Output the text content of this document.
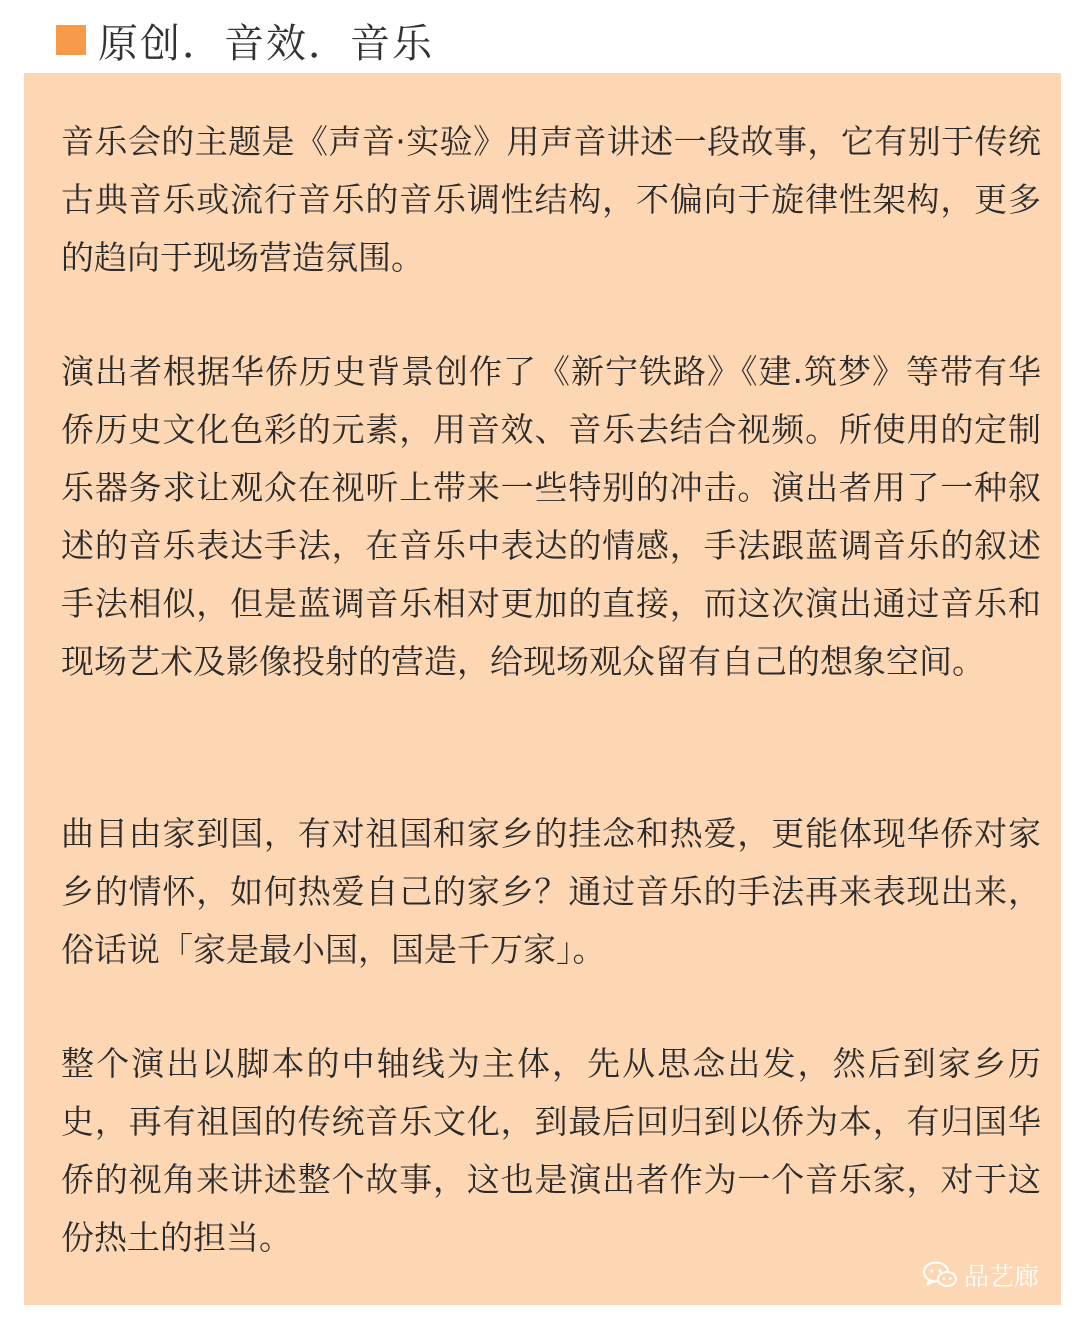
原创．音效．音乐

音乐会的主题是《声音·实验》用声音讲述一段故事，它有别于传统古典音乐或流行音乐的音乐调性结构，不偏向于旋律性架构，更多的趋向于现场营造氛围。

演出者根据华侨历史背景创作了《新宁铁路》《建.筑梦》等带有华侨历史文化色彩的元素，用音效、音乐去结合视频。所使用的定制乐器务求让观众在视听上带来一些特别的冲击。演出者用了一种叙述的音乐表达手法，在音乐中表达的情感，手法跟蓝调音乐的叙述手法相似，但是蓝调音乐相对更加的直接，而这次演出通过音乐和现场艺术及影像投射的营造，给现场观众留有自己的想象空间。

曲目由家到国，有对祖国和家乡的挂念和热爱，更能体现华侨对家乡的情怀，如何热爱自己的家乡？通过音乐的手法再来表现出来，俗话说「家是最小国，国是千万家」。

整个演出以脚本的中轴线为主体，先从思念出发，然后到家乡历史，再有祖国的传统音乐文化，到最后回归到以侨为本，有归国华侨的视角来讲述整个故事，这也是演出者作为一个音乐家，对于这份热土的担当。

品艺廊
